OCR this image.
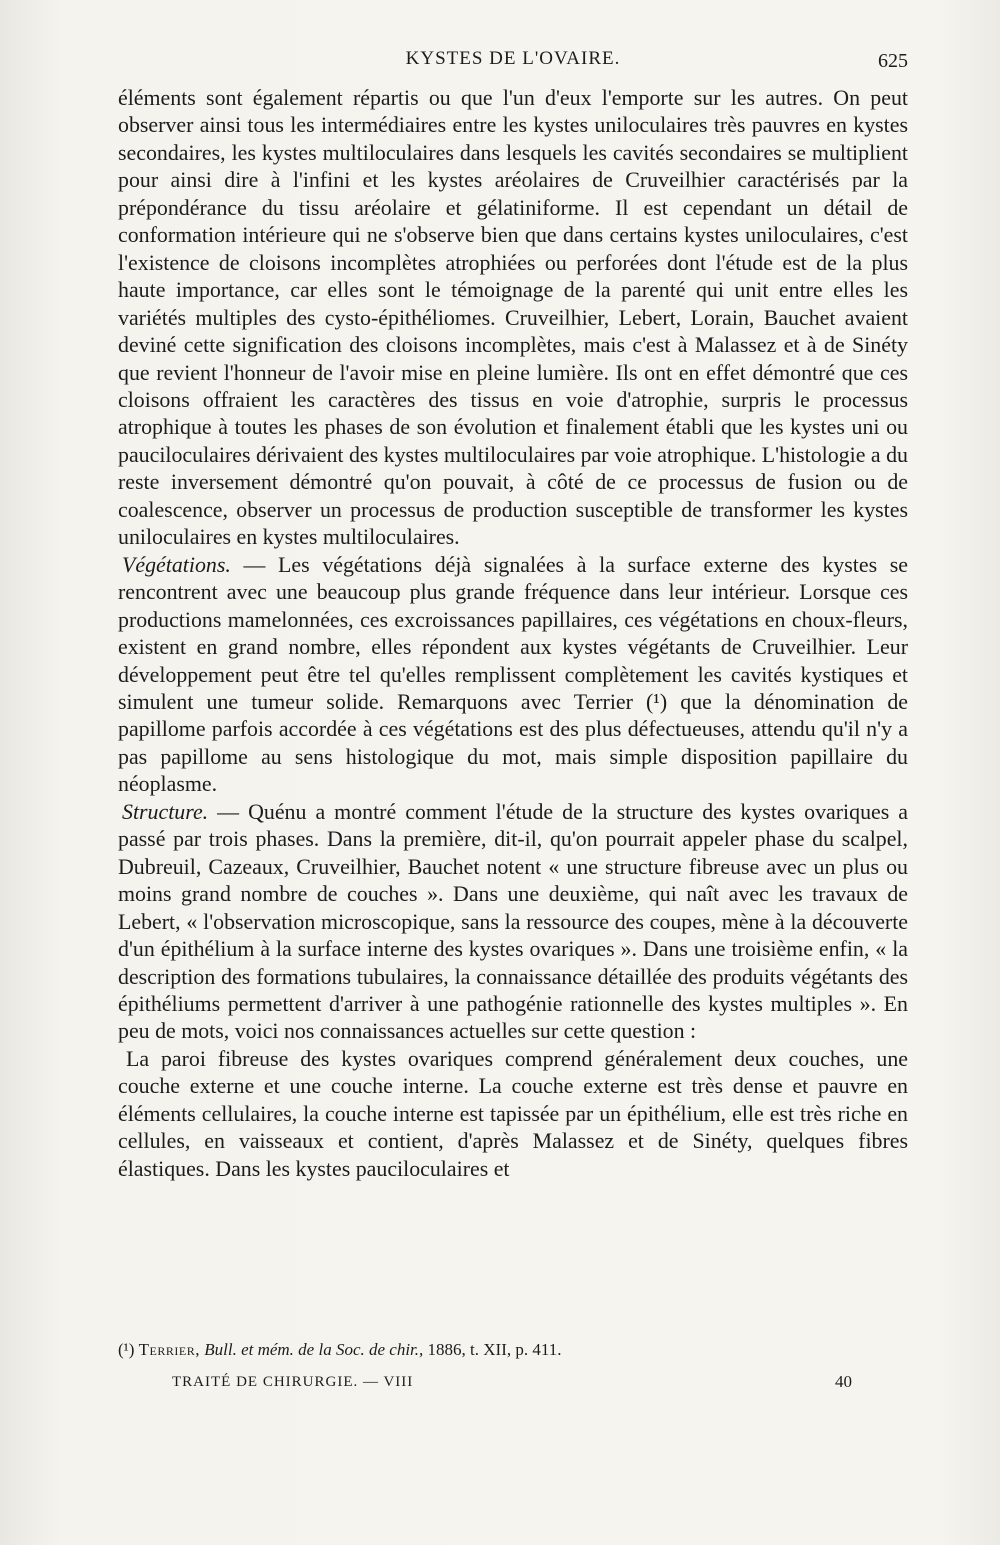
KYSTES DE L'OVAIRE.	625

éléments sont également répartis ou que l'un d'eux l'emporte sur les autres. On peut observer ainsi tous les intermédiaires entre les kystes uniloculaires très pauvres en kystes secondaires, les kystes multiloculaires dans lesquels les cavités secondaires se multiplient pour ainsi dire à l'infini et les kystes aréolaires de Cruveilhier caractérisés par la prépondérance du tissu aréolaire et gélatiniforme. Il est cependant un détail de conformation intérieure qui ne s'observe bien que dans certains kystes uniloculaires, c'est l'existence de cloisons incomplètes atrophiées ou perforées dont l'étude est de la plus haute importance, car elles sont le témoignage de la parenté qui unit entre elles les variétés multiples des cysto-épithéliomes. Cruveilhier, Lebert, Lorain, Bauchet avaient deviné cette signification des cloisons incomplètes, mais c'est à Malassez et à de Sinéty que revient l'honneur de l'avoir mise en pleine lumière. Ils ont en effet démontré que ces cloisons offraient les caractères des tissus en voie d'atrophie, surpris le processus atrophique à toutes les phases de son évolution et finalement établi que les kystes uni ou pauciloculaires dérivaient des kystes multiloculaires par voie atrophique. L'histologie a du reste inversement démontré qu'on pouvait, à côté de ce processus de fusion ou de coalescence, observer un processus de production susceptible de transformer les kystes uniloculaires en kystes multiloculaires.

Végétations. — Les végétations déjà signalées à la surface externe des kystes se rencontrent avec une beaucoup plus grande fréquence dans leur intérieur. Lorsque ces productions mamelonnées, ces excroissances papillaires, ces végétations en choux-fleurs, existent en grand nombre, elles répondent aux kystes végétants de Cruveilhier. Leur développement peut être tel qu'elles remplissent complètement les cavités kystiques et simulent une tumeur solide. Remarquons avec Terrier (¹) que la dénomination de papillome parfois accordée à ces végétations est des plus défectueuses, attendu qu'il n'y a pas papillome au sens histologique du mot, mais simple disposition papillaire du néoplasme.

Structure. — Quénu a montré comment l'étude de la structure des kystes ovariques a passé par trois phases. Dans la première, dit-il, qu'on pourrait appeler phase du scalpel, Dubreuil, Cazeaux, Cruveilhier, Bauchet notent « une structure fibreuse avec un plus ou moins grand nombre de couches ». Dans une deuxième, qui naît avec les travaux de Lebert, « l'observation microscopique, sans la ressource des coupes, mène à la découverte d'un épithélium à la surface interne des kystes ovariques ». Dans une troisième enfin, « la description des formations tubulaires, la connaissance détaillée des produits végétants des épithéliums permettent d'arriver à une pathogénie rationnelle des kystes multiples ». En peu de mots, voici nos connaissances actuelles sur cette question :

La paroi fibreuse des kystes ovariques comprend généralement deux couches, une couche externe et une couche interne. La couche externe est très dense et pauvre en éléments cellulaires, la couche interne est tapissée par un épithélium, elle est très riche en cellules, en vaisseaux et contient, d'après Malassez et de Sinéty, quelques fibres élastiques. Dans les kystes pauciloculaires et

(¹) Terrier, Bull. et mém. de la Soc. de chir., 1886, t. XII, p. 411.
TRAITÉ DE CHIRURGIE. — VIII	40
